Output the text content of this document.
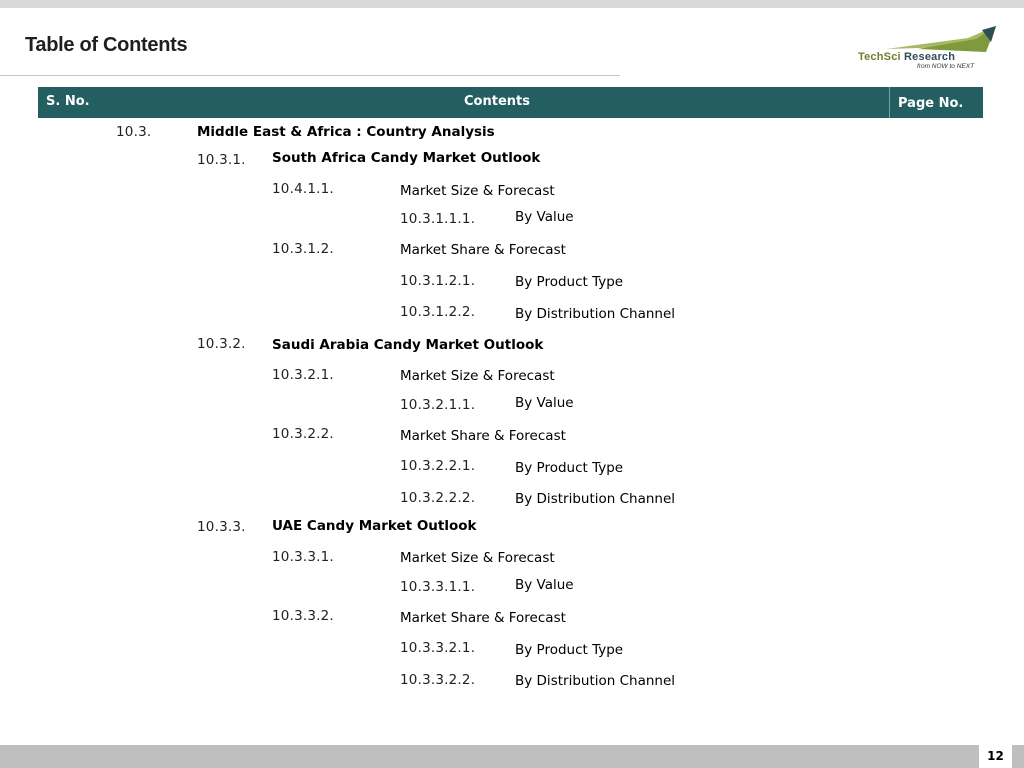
Table of Contents
TechSci Research
from NOW to NEXT
S. No.	Contents	Page No.
10.3.	Middle East & Africa : Country Analysis
10.3.1. South Africa Candy Market Outlook
10.4.1.1.	Market Size & Forecast
10.3.1.1.1.	By Value
10.3.1.2.	Market Share & Forecast
10.3.1.2.1.	By Product Type
10.3.1.2.2.	By Distribution Channel
10.3.2. Saudi Arabia Candy Market Outlook
10.3.2.1.	Market Size & Forecast
10.3.2.1.1.	By Value
10.3.2.2.	Market Share & Forecast
10.3.2.2.1.	By Product Type
10.3.2.2.2.	By Distribution Channel
10.3.3. UAE Candy Market Outlook
10.3.3.1.	Market Size & Forecast
10.3.3.1.1.	By Value
10.3.3.2.	Market Share & Forecast
10.3.3.2.1.	By Product Type
10.3.3.2.2.	By Distribution Channel
12
